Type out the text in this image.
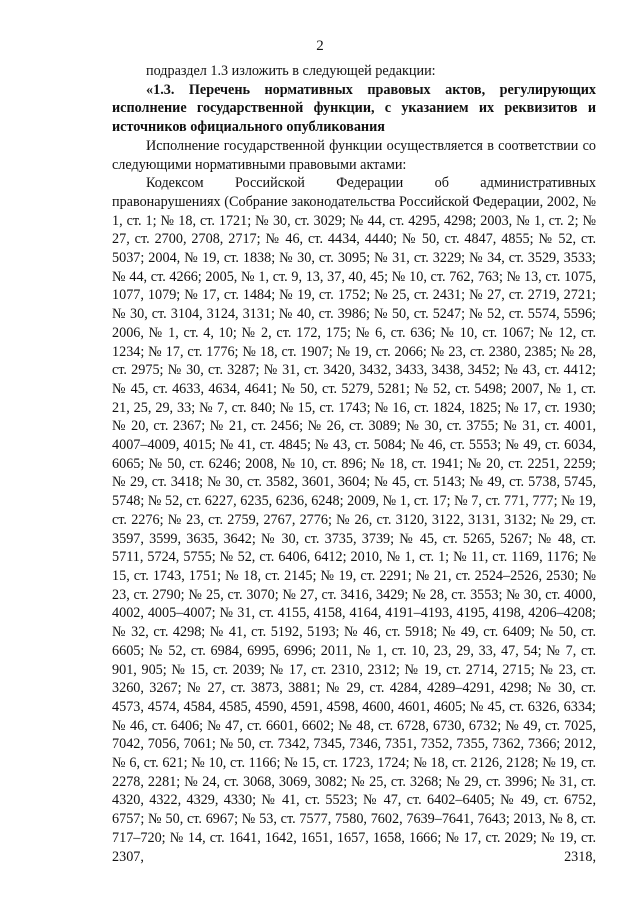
2

подраздел 1.3 изложить в следующей редакции:

«1.3. Перечень нормативных правовых актов, регулирующих исполнение государственной функции, с указанием их реквизитов и источников официального опубликования

Исполнение государственной функции осуществляется в соответствии со следующими нормативными правовыми актами:

Кодексом Российской Федерации об административных правонарушениях (Собрание законодательства Российской Федерации, 2002, № 1, ст. 1; № 18, ст. 1721; № 30, ст. 3029; № 44, ст. 4295, 4298; 2003, № 1, ст. 2; № 27, ст. 2700, 2708, 2717; № 46, ст. 4434, 4440; № 50, ст. 4847, 4855; № 52, ст. 5037; 2004, № 19, ст. 1838; № 30, ст. 3095; № 31, ст. 3229; № 34, ст. 3529, 3533; № 44, ст. 4266; 2005, № 1, ст. 9, 13, 37, 40, 45; № 10, ст. 762, 763; № 13, ст. 1075, 1077, 1079; № 17, ст. 1484; № 19, ст. 1752; № 25, ст. 2431; № 27, ст. 2719, 2721; № 30, ст. 3104, 3124, 3131; № 40, ст. 3986; № 50, ст. 5247; № 52, ст. 5574, 5596; 2006, № 1, ст. 4, 10; № 2, ст. 172, 175; № 6, ст. 636; № 10, ст. 1067; № 12, ст. 1234; № 17, ст. 1776; № 18, ст. 1907; № 19, ст. 2066; № 23, ст. 2380, 2385; № 28, ст. 2975; № 30, ст. 3287; № 31, ст. 3420, 3432, 3433, 3438, 3452; № 43, ст. 4412; № 45, ст. 4633, 4634, 4641; № 50, ст. 5279, 5281; № 52, ст. 5498; 2007, № 1, ст. 21, 25, 29, 33; № 7, ст. 840; № 15, ст. 1743; № 16, ст. 1824, 1825; № 17, ст. 1930; № 20, ст. 2367; № 21, ст. 2456; № 26, ст. 3089; № 30, ст. 3755; № 31, ст. 4001, 4007–4009, 4015; № 41, ст. 4845; № 43, ст. 5084; № 46, ст. 5553; № 49, ст. 6034, 6065; № 50, ст. 6246; 2008, № 10, ст. 896; № 18, ст. 1941; № 20, ст. 2251, 2259; № 29, ст. 3418; № 30, ст. 3582, 3601, 3604; № 45, ст. 5143; № 49, ст. 5738, 5745, 5748; № 52, ст. 6227, 6235, 6236, 6248; 2009, № 1, ст. 17; № 7, ст. 771, 777; № 19, ст. 2276; № 23, ст. 2759, 2767, 2776; № 26, ст. 3120, 3122, 3131, 3132; № 29, ст. 3597, 3599, 3635, 3642; № 30, ст. 3735, 3739; № 45, ст. 5265, 5267; № 48, ст. 5711, 5724, 5755; № 52, ст. 6406, 6412; 2010, № 1, ст. 1; № 11, ст. 1169, 1176; № 15, ст. 1743, 1751; № 18, ст. 2145; № 19, ст. 2291; № 21, ст. 2524–2526, 2530; № 23, ст. 2790; № 25, ст. 3070; № 27, ст. 3416, 3429; № 28, ст. 3553; № 30, ст. 4000, 4002, 4005–4007; № 31, ст. 4155, 4158, 4164, 4191–4193, 4195, 4198, 4206–4208; № 32, ст. 4298; № 41, ст. 5192, 5193; № 46, ст. 5918; № 49, ст. 6409; № 50, ст. 6605; № 52, ст. 6984, 6995, 6996; 2011, № 1, ст. 10, 23, 29, 33, 47, 54; № 7, ст. 901, 905; № 15, ст. 2039; № 17, ст. 2310, 2312; № 19, ст. 2714, 2715; № 23, ст. 3260, 3267; № 27, ст. 3873, 3881; № 29, ст. 4284, 4289–4291, 4298; № 30, ст. 4573, 4574, 4584, 4585, 4590, 4591, 4598, 4600, 4601, 4605; № 45, ст. 6326, 6334; № 46, ст. 6406; № 47, ст. 6601, 6602; № 48, ст. 6728, 6730, 6732; № 49, ст. 7025, 7042, 7056, 7061; № 50, ст. 7342, 7345, 7346, 7351, 7352, 7355, 7362, 7366; 2012, № 6, ст. 621; № 10, ст. 1166; № 15, ст. 1723, 1724; № 18, ст. 2126, 2128; № 19, ст. 2278, 2281; № 24, ст. 3068, 3069, 3082; № 25, ст. 3268; № 29, ст. 3996; № 31, ст. 4320, 4322, 4329, 4330; № 41, ст. 5523; № 47, ст. 6402–6405; № 49, ст. 6752, 6757; № 50, ст. 6967; № 53, ст. 7577, 7580, 7602, 7639–7641, 7643; 2013, № 8, ст. 717–720; № 14, ст. 1641, 1642, 1651, 1657, 1658, 1666; № 17, ст. 2029; № 19, ст. 2307, 2318,
